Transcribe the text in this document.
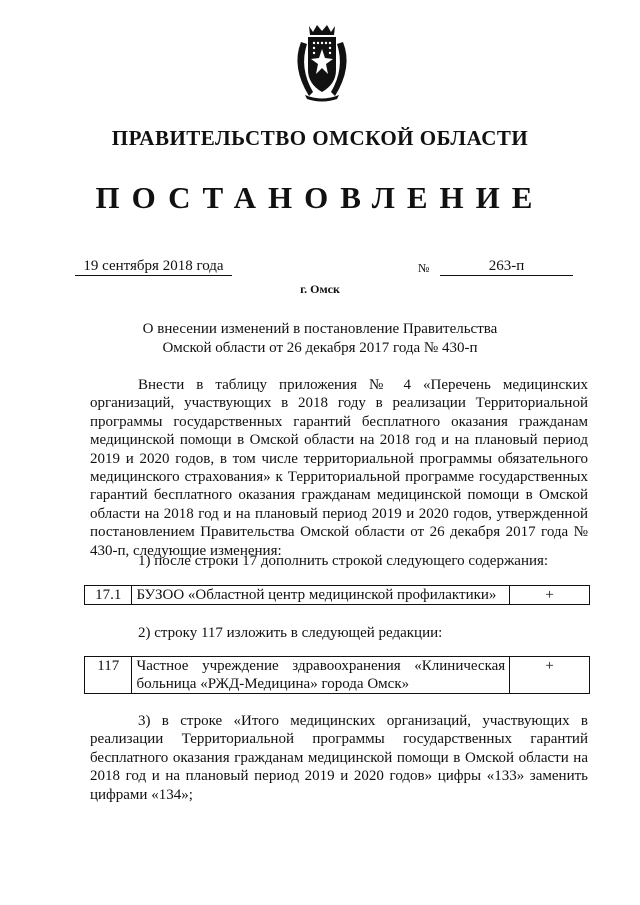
ПРАВИТЕЛЬСТВО ОМСКОЙ ОБЛАСТИ
ПОСТАНОВЛЕНИЕ
19 сентября 2018 года	№	263-п
г. Омск
О внесении изменений в постановление Правительства
Омской области от 26 декабря 2017 года № 430-п

Внести в таблицу приложения № 4 «Перечень медицинских организаций, участвующих в 2018 году в реализации Территориальной программы государственных гарантий бесплатного оказания гражданам медицинской помощи в Омской области на 2018 год и на плановый период 2019 и 2020 годов, в том числе территориальной программы обязательного медицинского страхования» к Территориальной программе государственных гарантий бесплатного оказания гражданам медицинской помощи в Омской области на 2018 год и на плановый период 2019 и 2020 годов, утвержденной постановлением Правительства Омской области от 26 декабря 2017 года № 430-п, следующие изменения:

1) после строки 17 дополнить строкой следующего содержания:

17.1	БУЗОО «Областной центр медицинской профилактики»	+

2) строку 117 изложить в следующей редакции:

117	Частное учреждение здравоохранения «Клиническая больница «РЖД-Медицина» города Омск»	+

3) в строке «Итого медицинских организаций, участвующих в реализации Территориальной программы государственных гарантий бесплатного оказания гражданам медицинской помощи в Омской области на 2018 год и на плановый период 2019 и 2020 годов» цифры «133» заменить цифрами «134»;
